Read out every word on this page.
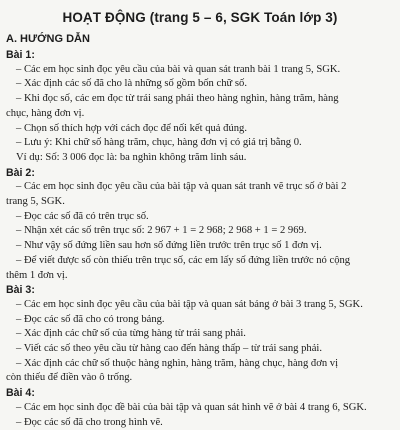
HOẠT ĐỘNG (trang 5 – 6, SGK Toán lớp 3)
A. HƯỚNG DẪN
Bài 1:
– Các em học sinh đọc yêu cầu của bài và quan sát tranh bài 1 trang 5, SGK.
– Xác định các số đã cho là những số gồm bốn chữ số.
– Khi đọc số, các em đọc từ trái sang phải theo hàng nghìn, hàng trăm, hàng
chục, hàng đơn vị.
– Chọn số thích hợp với cách đọc để nối kết quả đúng.
– Lưu ý: Khi chữ số hàng trăm, chục, hàng đơn vị có giá trị bằng 0.
Ví dụ: Số: 3 006 đọc là: ba nghìn không trăm linh sáu.
Bài 2:
– Các em học sinh đọc yêu cầu của bài tập và quan sát tranh vẽ trục số ở bài 2
trang 5, SGK.
– Đọc các số đã có trên trục số.
– Nhận xét các số trên trục số: 2 967 + 1 = 2 968; 2 968 + 1 = 2 969.
– Như vậy số đứng liền sau hơn số đứng liền trước trên trục số 1 đơn vị.
– Để viết được số còn thiếu trên trục số, các em lấy số đứng liền trước nó cộng
thêm 1 đơn vị.
Bài 3:
– Các em học sinh đọc yêu cầu của bài tập và quan sát bảng ở bài 3 trang 5, SGK.
– Đọc các số đã cho có trong bảng.
– Xác định các chữ số của từng hàng từ trái sang phải.
– Viết các số theo yêu cầu từ hàng cao đến hàng thấp – từ trái sang phải.
– Xác định các chữ số thuộc hàng nghìn, hàng trăm, hàng chục, hàng đơn vị
còn thiếu để điền vào ô trống.
Bài 4:
– Các em học sinh đọc đề bài của bài tập và quan sát hình vẽ ở bài 4 trang 6, SGK.
– Đọc các số đã cho trong hình vẽ.
